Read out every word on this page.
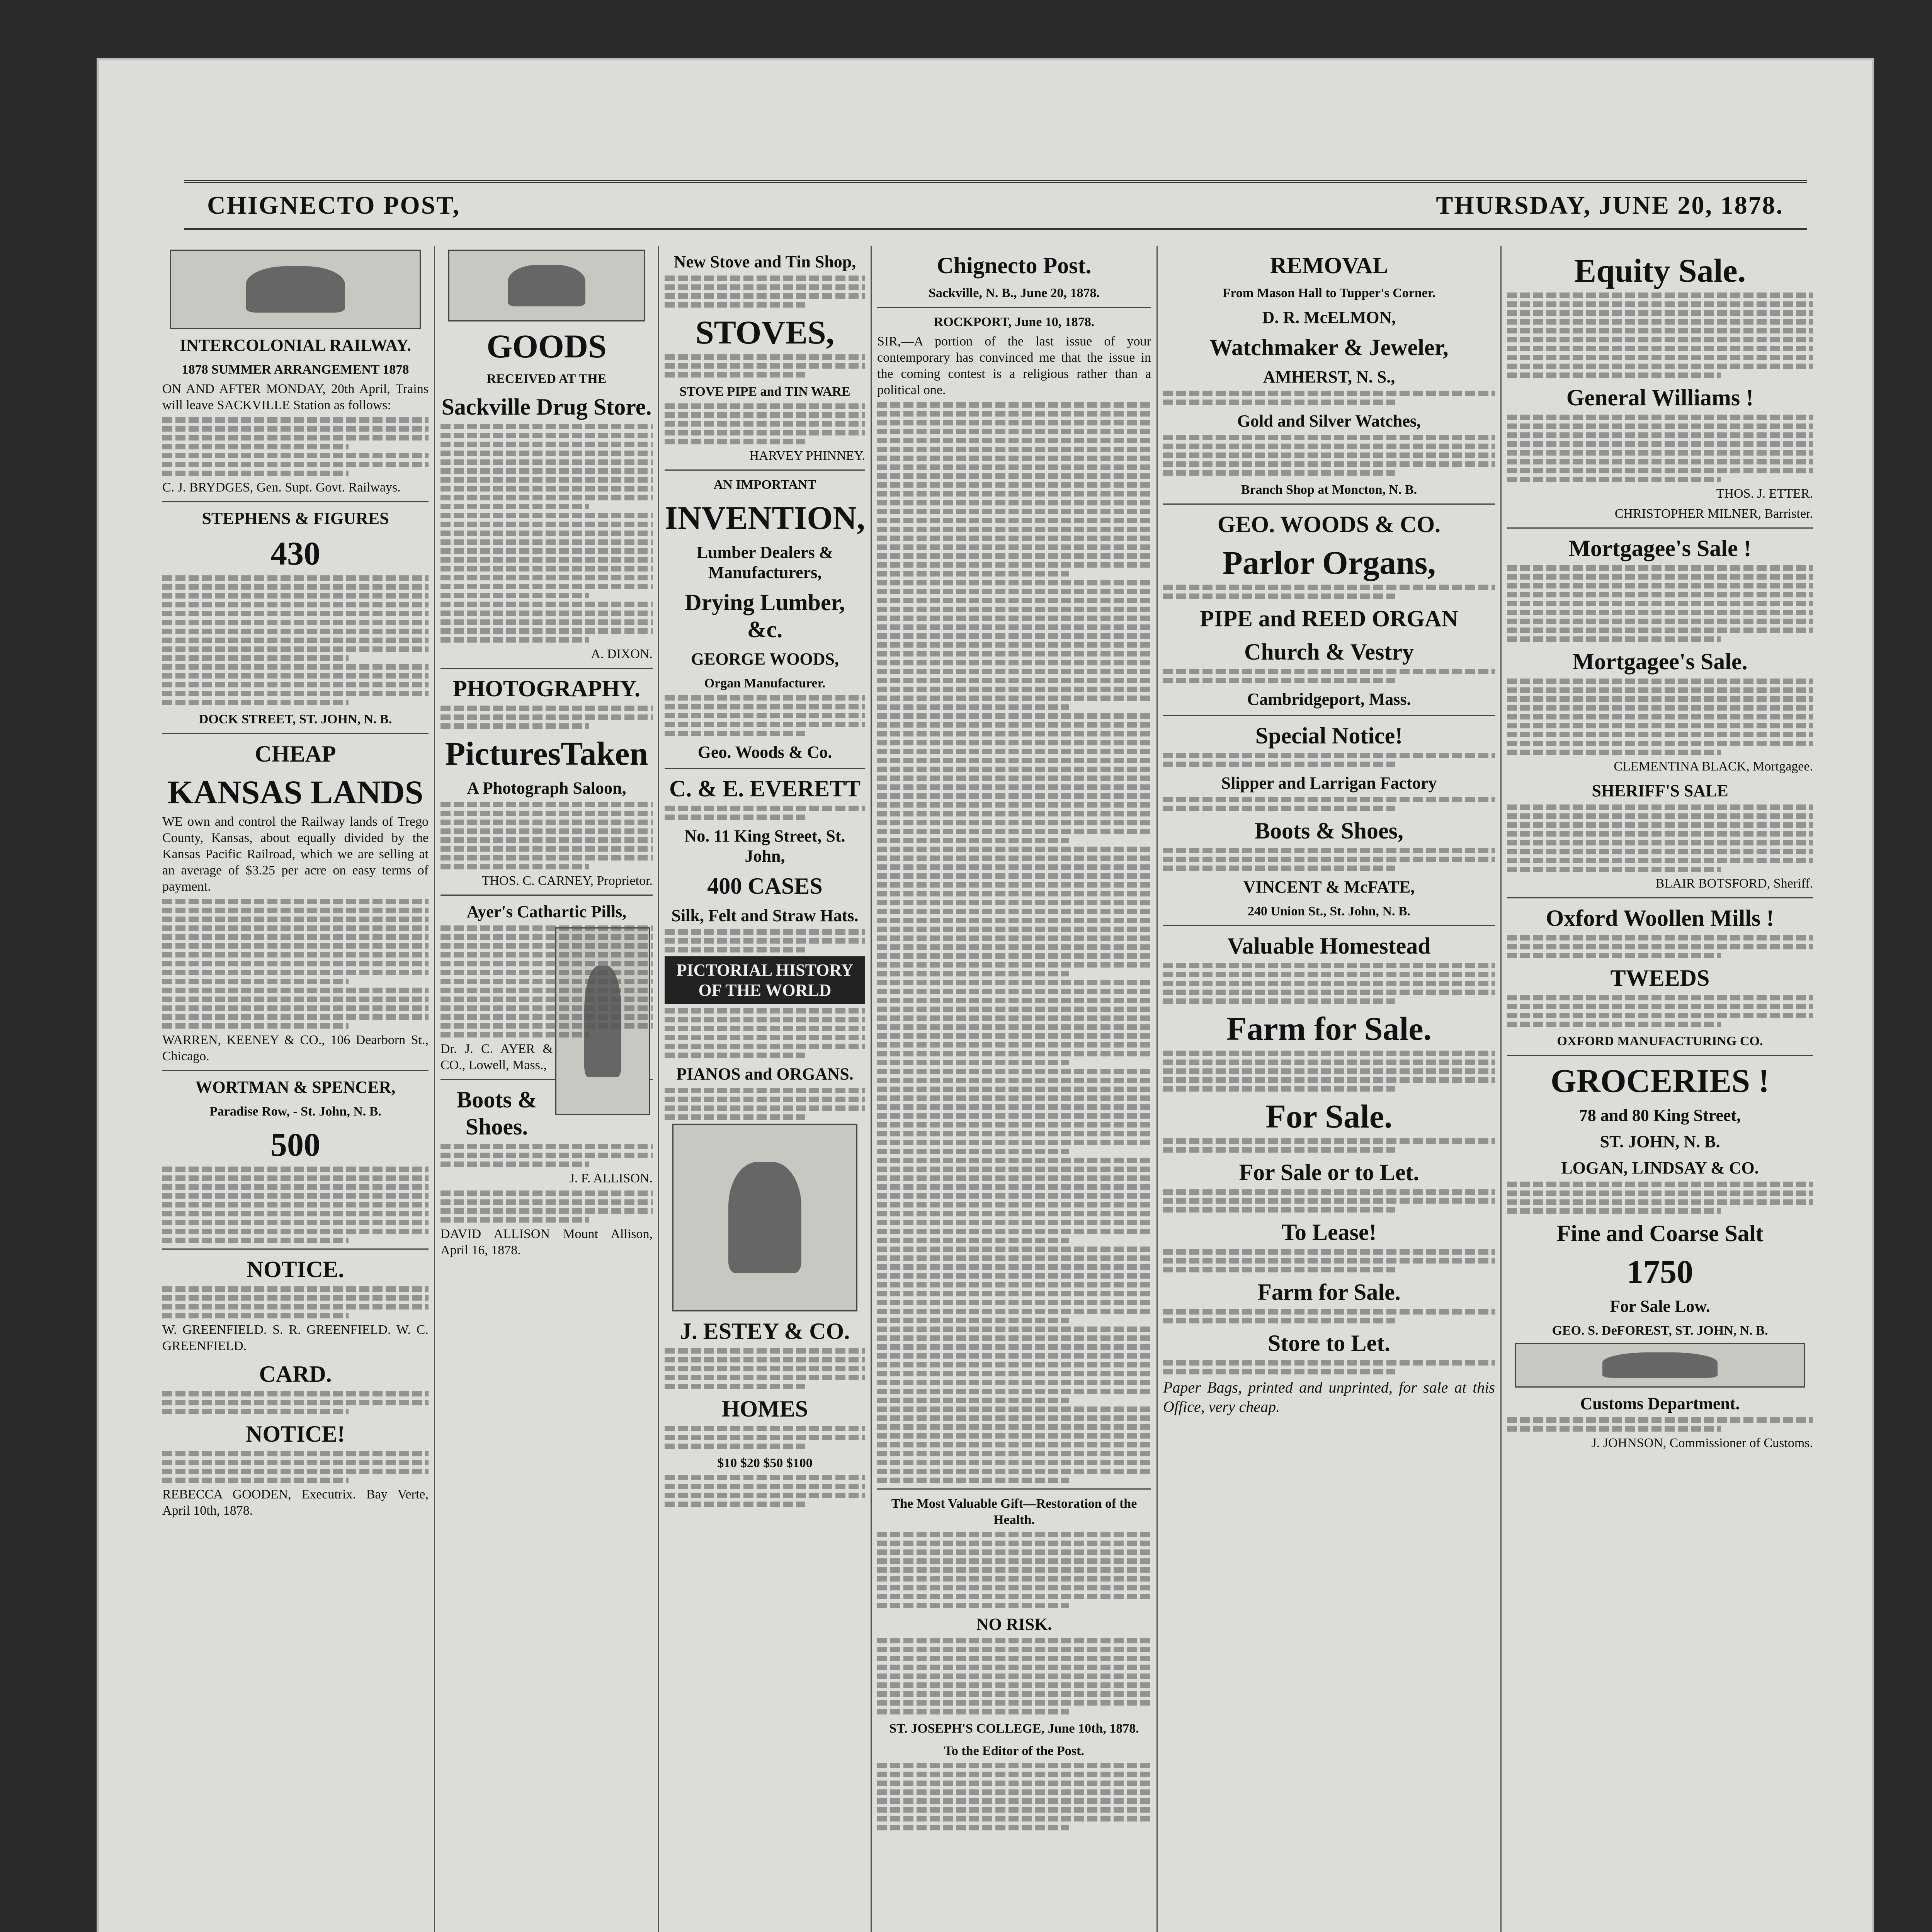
CHIGNECTO POST,	THURSDAY, JUNE 20, 1878.
INTERCOLONIAL RAILWAY.
1878 SUMMER ARRANGEMENT 1878

ON AND AFTER MONDAY, 20th April, Trains will leave SACKVILLE Station as follows:

C. J. BRYDGES, Gen. Supt. Govt. Railways.

STEPHENS & FIGURES
430
DOCK STREET, ST. JOHN, N. B.
CHEAP
KANSAS LANDS

WE own and control the Railway lands of Trego County, Kansas, about equally divided by the Kansas Pacific Railroad, which we are selling at an average of $3.25 per acre on easy terms of payment.

WARREN, KEENEY & CO., 106 Dearborn St., Chicago.

WORTMAN & SPENCER,
Paradise Row, - St. John, N. B.
500
NOTICE.

W. GREENFIELD. S. R. GREENFIELD. W. C. GREENFIELD.

CARD.
NOTICE!

REBECCA GOODEN, Executrix. Bay Verte, April 10th, 1878.

GOODS
RECEIVED AT THE
Sackville Drug Store.

A. DIXON.

PHOTOGRAPHY.
PicturesTaken
A Photograph Saloon,

THOS. C. CARNEY, Proprietor.

Ayer's Cathartic Pills,

Dr. J. C. AYER & CO., Lowell, Mass.,

Boots & Shoes.

J. F. ALLISON.

DAVID ALLISON Mount Allison, April 16, 1878.

New Stove and Tin Shop,
STOVES,
STOVE PIPE and TIN WARE

HARVEY PHINNEY.

AN IMPORTANT
INVENTION,
Lumber Dealers & Manufacturers,
Drying Lumber, &c.
GEORGE WOODS,
Organ Manufacturer.
Geo. Woods & Co.
C. & E. EVERETT
No. 11 King Street, St. John,
400 CASES
Silk, Felt and Straw Hats.
PICTORIAL HISTORY OF THE WORLD
PIANOS and ORGANS.
J. ESTEY & CO.
HOMES
$10 $20 $50 $100
Chignecto Post.
Sackville, N. B., June 20, 1878.
ROCKPORT, June 10, 1878.

SIR,—A portion of the last issue of your contemporary has convinced me that the issue in the coming contest is a religious rather than a political one.

The Most Valuable Gift—Restoration of the Health.
NO RISK.
ST. JOSEPH'S COLLEGE, June 10th, 1878.
To the Editor of the Post.
REMOVAL
From Mason Hall to Tupper's Corner.
D. R. McELMON,
Watchmaker & Jeweler,
AMHERST, N. S.,
Gold and Silver Watches,
Branch Shop at Moncton, N. B.
GEO. WOODS & CO.
Parlor Organs,
PIPE and REED ORGAN
Church & Vestry
Cambridgeport, Mass.
Special Notice!
Slipper and Larrigan Factory
Boots & Shoes,
VINCENT & McFATE,
240 Union St., St. John, N. B.
Valuable Homestead
Farm for Sale.
For Sale.
For Sale or to Let.
To Lease!
Farm for Sale.
Store to Let.

Paper Bags, printed and unprinted, for sale at this Office, very cheap.

Equity Sale.
General Williams !

THOS. J. ETTER.

CHRISTOPHER MILNER, Barrister.

Mortgagee's Sale !
Mortgagee's Sale.

CLEMENTINA BLACK, Mortgagee.

SHERIFF'S SALE

BLAIR BOTSFORD, Sheriff.

Oxford Woollen Mills !
TWEEDS
OXFORD MANUFACTURING CO.
GROCERIES !
78 and 80 King Street,
ST. JOHN, N. B.
LOGAN, LINDSAY & CO.
Fine and Coarse Salt
1750
For Sale Low.
GEO. S. DeFOREST, ST. JOHN, N. B.
Customs Department.

J. JOHNSON, Commissioner of Customs.
